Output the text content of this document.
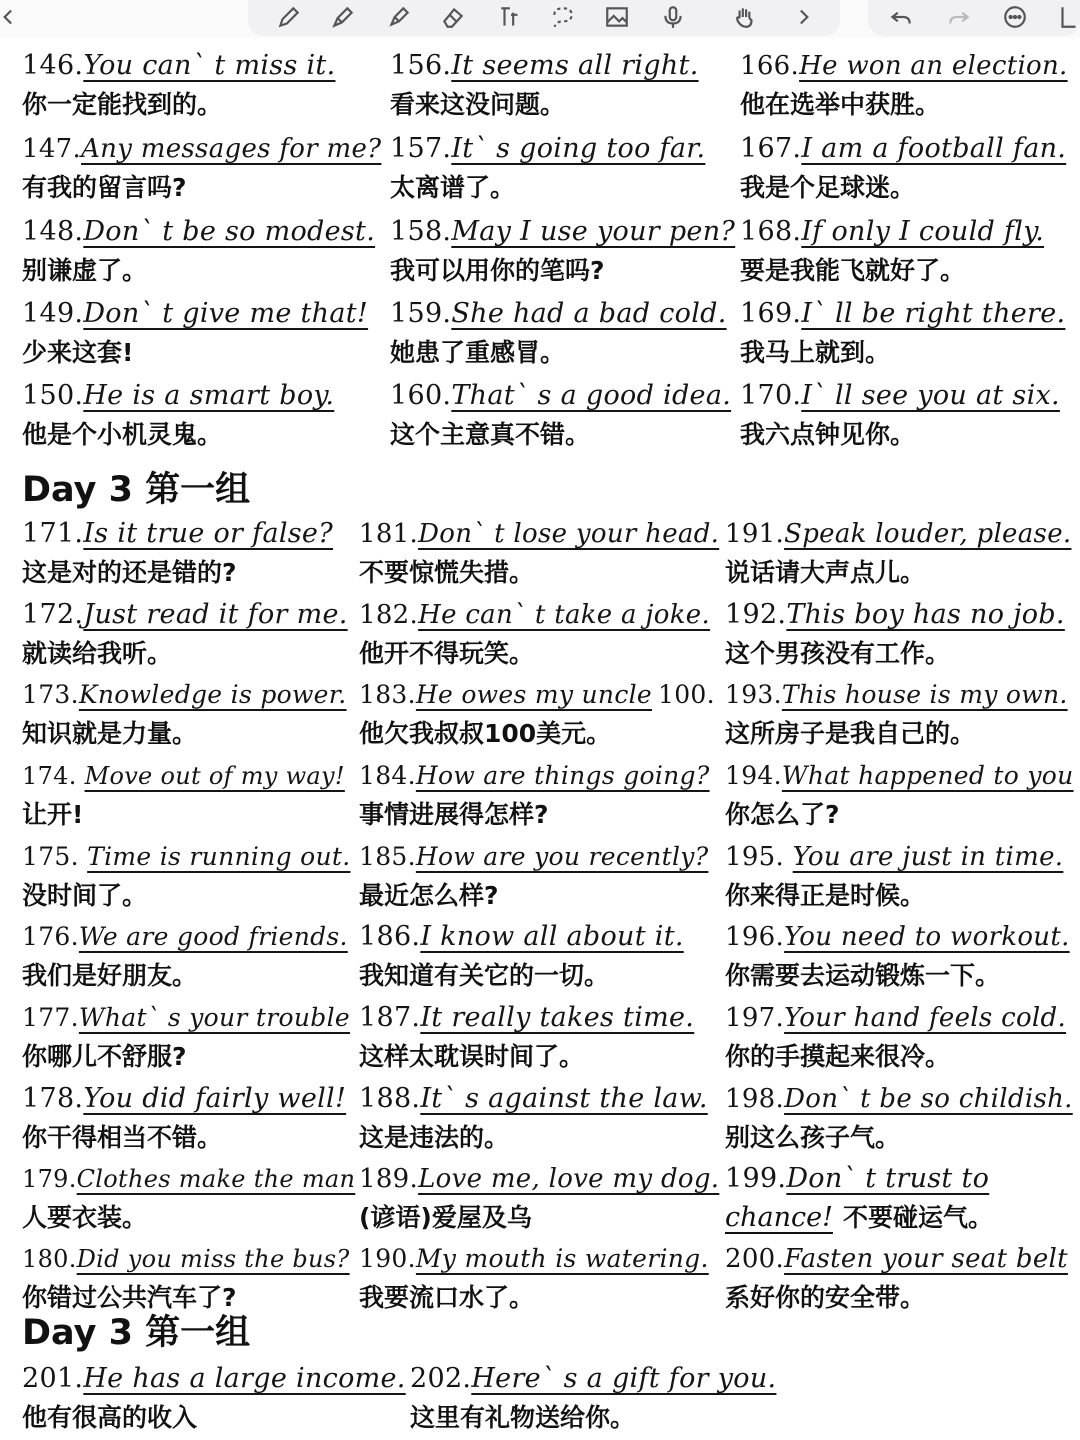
146.You can` t miss it.
你一定能找到的。
156.It seems all right.
看来这没问题。
166.He won an election.
他在选举中获胜。
147.Any messages for me?
有我的留言吗?
157.It` s going too far.
太离谱了。
167.I am a football fan.
我是个足球迷。
148.Don` t be so modest.
别谦虚了。
158.May I use your pen?
我可以用你的笔吗?
168.If only I could fly.
要是我能飞就好了。
149.Don` t give me that!
少来这套!
159.She had a bad cold.
她患了重感冒。
169.I` ll be right there.
我马上就到。
150.He is a smart boy.
他是个小机灵鬼。
160.That` s a good idea.
这个主意真不错。
170.I` ll see you at six.
我六点钟见你。
171.Is it true or false?
这是对的还是错的?
181.Don` t lose your head.
不要惊慌失措。
191.Speak louder, please.
说话请大声点儿。
172.Just read it for me.
就读给我听。
182.He can` t take a joke.
他开不得玩笑。
192.This boy has no job.
这个男孩没有工作。
173.Knowledge is power.
知识就是力量。
183.He owes my uncle 100.
他欠我叔叔100美元。
193.This house is my own.
这所房子是我自己的。
174. Move out of my way!
让开!
184.How are things going?
事情进展得怎样?
194.What happened to you
你怎么了?
175. Time is running out.
没时间了。
185.How are you recently?
最近怎么样?
195. You are just in time.
你来得正是时候。
176.We are good friends.
我们是好朋友。
186.I know all about it.
我知道有关它的一切。
196.You need to workout.
你需要去运动锻炼一下。
177.What` s your trouble
你哪儿不舒服?
187.It really takes time.
这样太耽误时间了。
197.Your hand feels cold.
你的手摸起来很冷。
178.You did fairly well!
你干得相当不错。
188.It` s against the law.
这是违法的。
198.Don` t be so childish.
别这么孩子气。
179.Clothes make the man
人要衣装。
189.Love me, love my dog.
(谚语)爱屋及乌
199.Don` t trust to
chance! 不要碰运气。
180.Did you miss the bus?
你错过公共汽车了?
190.My mouth is watering.
我要流口水了。
200.Fasten your seat belt
系好你的安全带。
201.He has a large income.
他有很高的收入
202.Here` s a gift for you.
这里有礼物送给你。
Day 3 第一组
Day 3 第一组
